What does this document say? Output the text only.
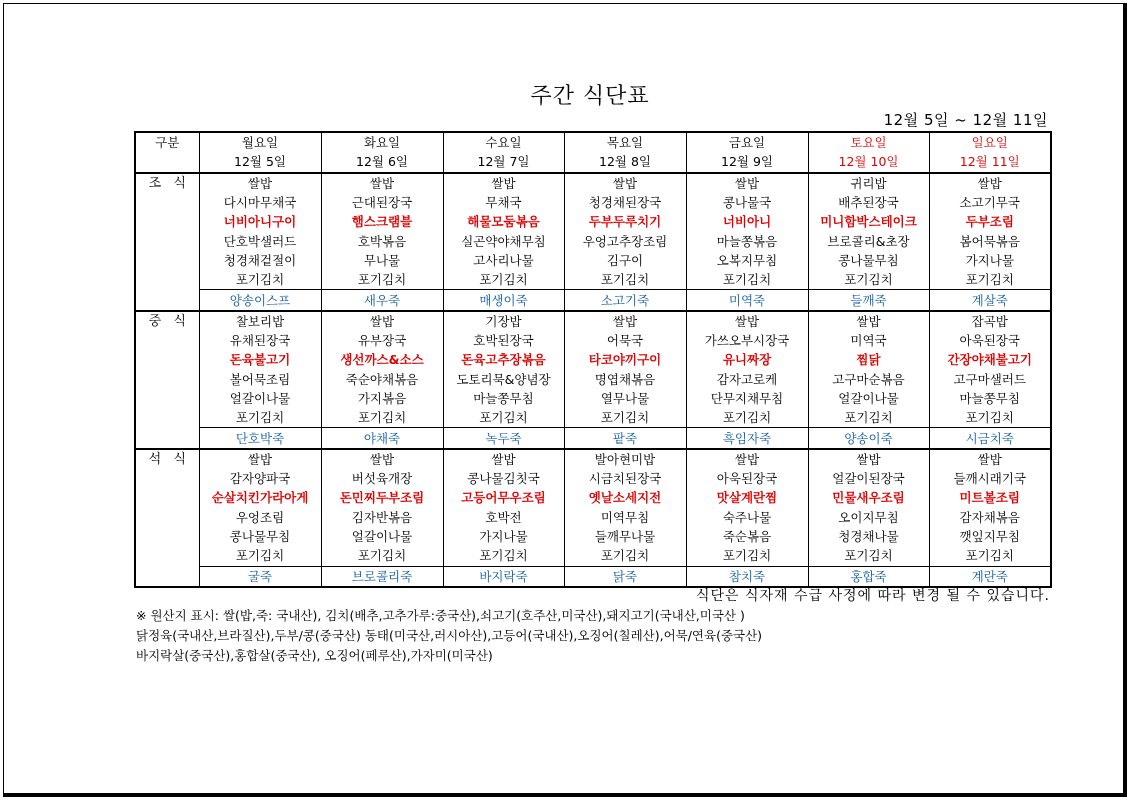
주간 식단표
12월 5일 ~ 12월 11일
구분	월요일	화요일	수요일	목요일	금요일	토요일	일요일
	12월 5일	12월 6일	12월 7일	12월 8일	12월 9일	12월 10일	12월 11일
조 식	쌀밥	쌀밥	쌀밥	쌀밥	쌀밥	귀리밥	쌀밥
	다시마무채국	근대된장국	무채국	청경채된장국	콩나물국	배추된장국	소고기무국
	너비아니구이	햄스크램블	해물모둠볶음	두부두루치기	너비아니	미니함박스테이크	두부조림
	단호박샐러드	호박볶음	실곤약야채무침	우엉고추장조림	마늘쫑볶음	브로콜리&초장	봄어묵볶음
	청경채겉절이	무나물	고사리나물	김구이	오복지무침	콩나물무침	가지나물
	포기김치	포기김치	포기김치	포기김치	포기김치	포기김치	포기김치
	양송이스프	새우죽	매생이죽	소고기죽	미역죽	들깨죽	계살죽
중 식	찰보리밥	쌀밥	기장밥	쌀밥	쌀밥	쌀밥	잡곡밥
	유채된장국	유부장국	호박된장국	어묵국	가쓰오부시장국	미역국	아욱된장국
	돈육불고기	생선까스&소스	돈육고추장볶음	타코야끼구이	유니짜장	찜닭	간장야채불고기
	볼어묵조림	죽순야채볶음	도토리묵&양념장	명엽채볶음	감자고로케	고구마순볶음	고구마샐러드
	얼갈이나물	가지볶음	마늘쫑무침	열무나물	단무지채무침	얼갈이나물	마늘쫑무침
	포기김치	포기김치	포기김치	포기김치	포기김치	포기김치	포기김치
	단호박죽	야채죽	녹두죽	팥죽	흑임자죽	양송이죽	시금치죽
석 식	쌀밥	쌀밥	쌀밥	발아현미밥	쌀밥	쌀밥	쌀밥
	감자양파국	버섯육개장	콩나물김칫국	시금치된장국	아욱된장국	얼갈이된장국	들깨시래기국
	순살치킨가라아게	돈민찌두부조림	고등어무우조림	옛날소세지전	맛살계란찜	민물새우조림	미트볼조림
	우엉조림	김자반볶음	호박전	미역무침	숙주나물	오이지무침	감자채볶음
	콩나물무침	얼갈이나물	가지나물	들깨무나물	죽순볶음	청경채나물	깻잎지무침
	포기김치	포기김치	포기김치	포기김치	포기김치	포기김치	포기김치
	굴죽	브로콜리죽	바지락죽	닭죽	참치죽	홍합죽	계란죽
식단은 식자재 수급 사정에 따라 변경 될 수 있습니다.
※ 원산지 표시: 쌀(밥,죽: 국내산), 김치(배추,고추가루:중국산),쇠고기(호주산,미국산),돼지고기(국내산,미국산 )
닭정육(국내산,브라질산),두부/콩(중국산) 동태(미국산,러시아산),고등어(국내산),오징어(칠레산),어묵/연육(중국산)
바지락살(중국산),홍합살(중국산), 오징어(페루산),가자미(미국산)
